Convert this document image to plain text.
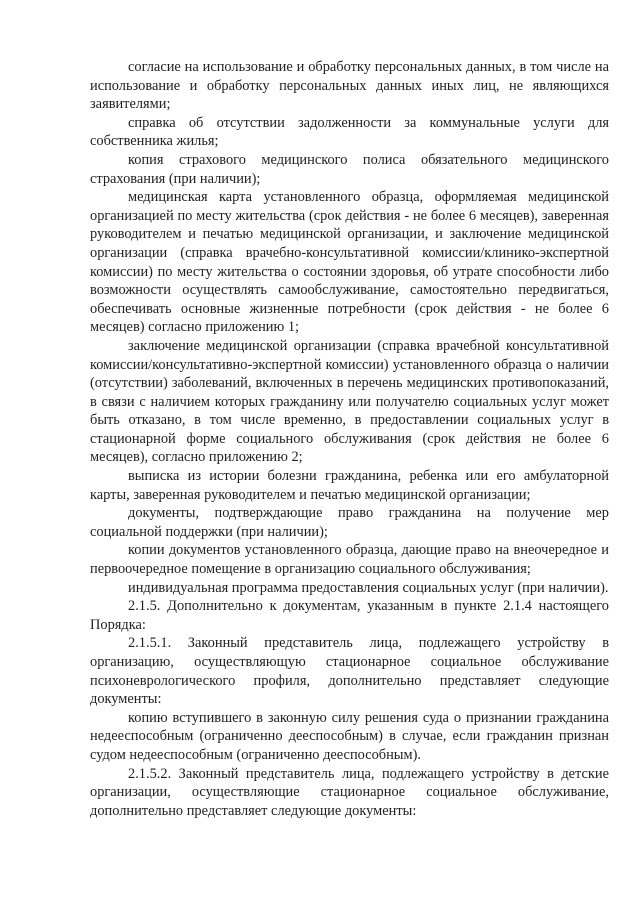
согласие на использование и обработку персональных данных, в том числе на использование и обработку персональных данных иных лиц, не являющихся заявителями;

справка об отсутствии задолженности за коммунальные услуги для собственника жилья;

копия страхового медицинского полиса обязательного медицинского страхования (при наличии);

медицинская карта установленного образца, оформляемая медицинской организацией по месту жительства (срок действия - не более 6 месяцев), заверенная руководителем и печатью медицинской организации, и заключение медицинской организации (справка врачебно-консультативной комиссии/клинико-экспертной комиссии) по месту жительства о состоянии здоровья, об утрате способности либо возможности осуществлять самообслуживание, самостоятельно передвигаться, обеспечивать основные жизненные потребности (срок действия - не более 6 месяцев) согласно приложению 1;

заключение медицинской организации (справка врачебной консультативной комиссии/консультативно-экспертной комиссии) установленного образца о наличии (отсутствии) заболеваний, включенных в перечень медицинских противопоказаний, в связи с наличием которых гражданину или получателю социальных услуг может быть отказано, в том числе временно, в предоставлении социальных услуг в стационарной форме социального обслуживания (срок действия не более 6 месяцев), согласно приложению 2;

выписка из истории болезни гражданина, ребенка или его амбулаторной карты, заверенная руководителем и печатью медицинской организации;

документы, подтверждающие право гражданина на получение мер социальной поддержки (при наличии);

копии документов установленного образца, дающие право на внеочередное и первоочередное помещение в организацию социального обслуживания;

индивидуальная программа предоставления социальных услуг (при наличии).

2.1.5. Дополнительно к документам, указанным в пункте 2.1.4 настоящего Порядка:

2.1.5.1. Законный представитель лица, подлежащего устройству в организацию, осуществляющую стационарное социальное обслуживание психоневрологического профиля, дополнительно представляет следующие документы:

копию вступившего в законную силу решения суда о признании гражданина недееспособным (ограниченно дееспособным) в случае, если гражданин признан судом недееспособным (ограниченно дееспособным).

2.1.5.2. Законный представитель лица, подлежащего устройству в детские организации, осуществляющие стационарное социальное обслуживание, дополнительно представляет следующие документы:
